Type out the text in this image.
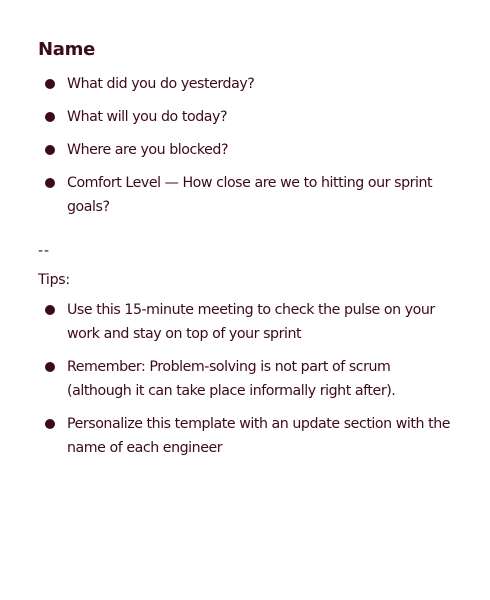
Name
What did you do yesterday?
What will you do today?
Where are you blocked?
Comfort Level — How close are we to hitting our sprint goals?
--
Tips:
Use this 15-minute meeting to check the pulse on your work and stay on top of your sprint
Remember: Problem-solving is not part of scrum (although it can take place informally right after).
Personalize this template with an update section with the name of each engineer
